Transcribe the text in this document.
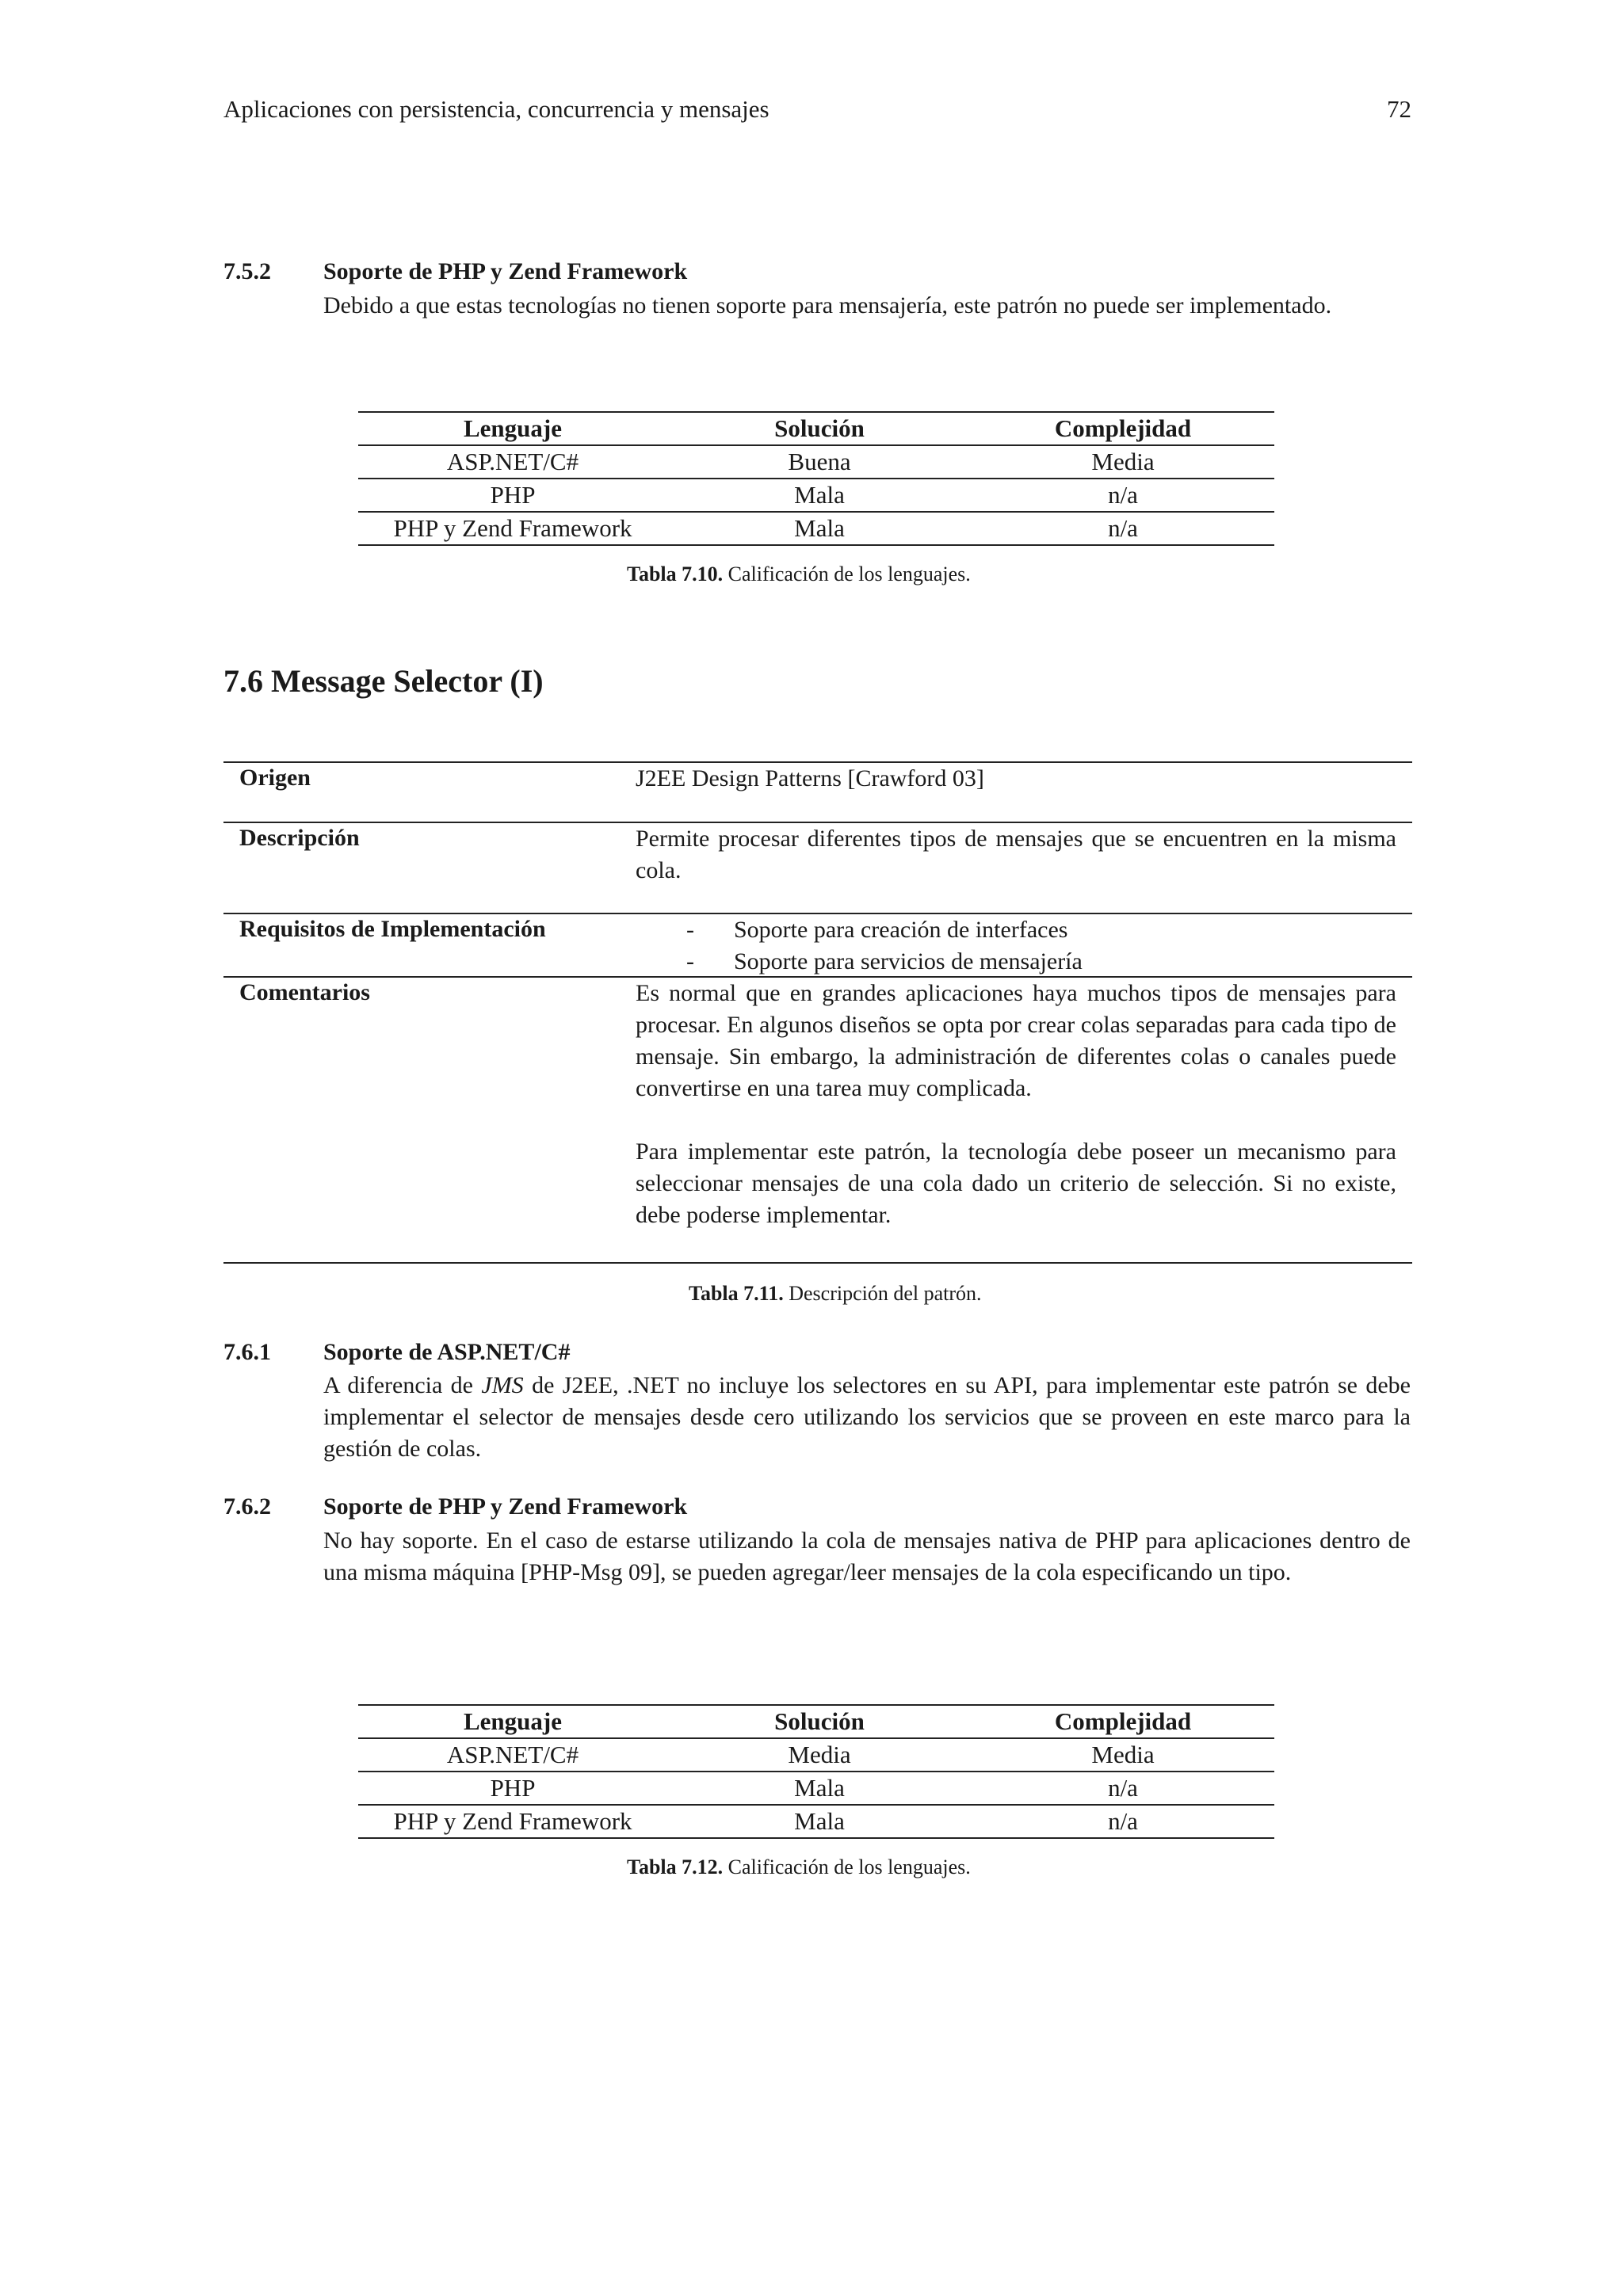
Aplicaciones con persistencia, concurrencia y mensajes	72
7.5.2 Soporte de PHP y Zend Framework

Debido a que estas tecnologías no tienen soporte para mensajería, este patrón no puede ser implementado.

Lenguaje	Solución	Complejidad
ASP.NET/C#	Buena	Media
PHP	Mala	n/a
PHP y Zend Framework	Mala	n/a
Tabla 7.10. Calificación de los lenguajes.
7.6 Message Selector (I)
Origen	J2EE Design Patterns [Crawford 03]

Descripción	Permite procesar diferentes tipos de mensajes que se encuentren en la misma cola.

Requisitos de Implementación	- Soporte para creación de interfaces
- Soporte para servicios de mensajería
Comentarios	Es normal que en grandes aplicaciones haya muchos tipos de mensajes para procesar. En algunos diseños se opta por crear colas separadas para cada tipo de mensaje. Sin embargo, la administración de diferentes colas o canales puede convertirse en una tarea muy complicada.

Para implementar este patrón, la tecnología debe poseer un mecanismo para seleccionar mensajes de una cola dado un criterio de selección. Si no existe, debe poderse implementar.

Tabla 7.11. Descripción del patrón.
7.6.1 Soporte de ASP.NET/C#

A diferencia de JMS de J2EE, .NET no incluye los selectores en su API, para implementar este patrón se debe implementar el selector de mensajes desde cero utilizando los servicios que se proveen en este marco para la gestión de colas.

7.6.2 Soporte de PHP y Zend Framework

No hay soporte. En el caso de estarse utilizando la cola de mensajes nativa de PHP para aplicaciones dentro de una misma máquina [PHP-Msg 09], se pueden agregar/leer mensajes de la cola especificando un tipo.

Lenguaje	Solución	Complejidad
ASP.NET/C#	Media	Media
PHP	Mala	n/a
PHP y Zend Framework	Mala	n/a
Tabla 7.12. Calificación de los lenguajes.
